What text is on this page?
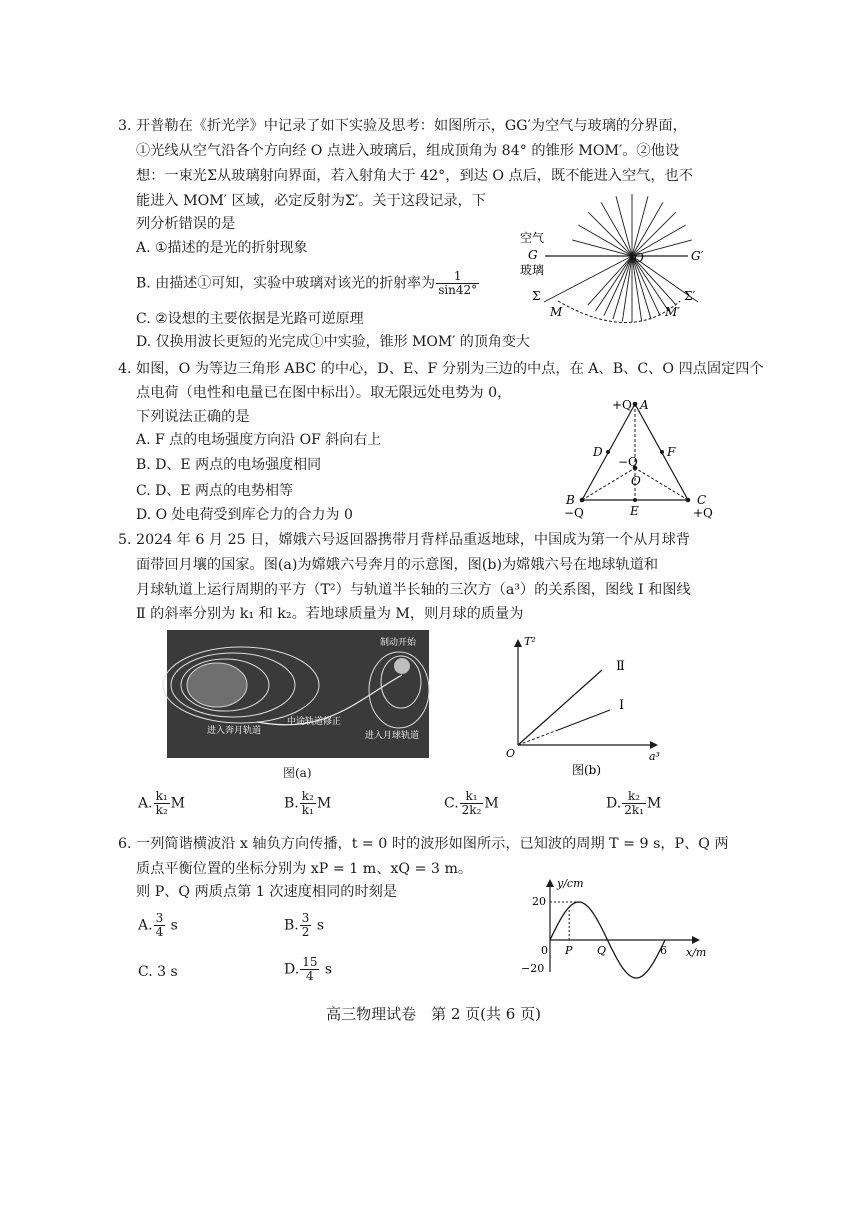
3. 开普勒在《折光学》中记录了如下实验及思考：如图所示，GG′为空气与玻璃的分界面，
①光线从空气沿各个方向经 O 点进入玻璃后，组成顶角为 84° 的锥形 MOM′。②他设
想：一束光Σ从玻璃射向界面，若入射角大于 42°，到达 O 点后，既不能进入空气，也不
能进入 MOM′ 区域，必定反射为Σ′。关于这段记录，下
列分析错误的是
A. ①描述的是光的折射现象
B. 由描述①可知，实验中玻璃对该光的折射率为 $\frac{1}{\sin 42^\circ}$
C. ②设想的主要依据是光路可逆原理
D. 仅换用波长更短的光完成①中实验，锥形 MOM′ 的顶角变大
空气
G
玻璃
O	G′
Σ
M	M′
Σ′
4. 如图，O 为等边三角形 ABC 的中心，D、E、F 分别为三边的中点，在 A、B、C、O 四点固定四个
点电荷（电性和电量已在图中标出）。取无限远处电势为 0，
下列说法正确的是
A. F 点的电场强度方向沿 OF 斜向右上
B. D、E 两点的电场强度相同
C. D、E 两点的电势相等
D. O 处电荷受到库仑力的合力为 0
+Q A
D	F
−Q
O
B	C
E
−Q	+Q
5. 2024 年 6 月 25 日，嫦娥六号返回器携带月背样品重返地球，中国成为第一个从月球背
面带回月壤的国家。图(a)为嫦娥六号奔月的示意图，图(b)为嫦娥六号在地球轨道和
月球轨道上运行周期的平方（T²）与轨道半长轴的三次方（a³）的关系图，图线 Ⅰ 和图线
Ⅱ 的斜率分别为 k₁ 和 k₂。若地球质量为 M，则月球的质量为
制动开始
进入奔月轨道
中途轨道修正
进入月球轨道
图(a)
T²
a³
O
Ⅱ
Ⅰ
图(b)
A. $\frac{\text{k₁}}{\text{k₂}}$ M	B. $\frac{\text{k₂}}{\text{k₁}}$ M	C. $\frac{\text{k₁}}{\text{2k₂}}$ M	D. $\frac{\text{k₂}}{\text{2k₁}}$ M
6. 一列简谐横波沿 x 轴负方向传播，t = 0 时的波形如图所示，已知波的周期 T = 9 s，P、Q 两
质点平衡位置的坐标分别为 xP = 1 m、xQ = 3 m。
则 P、Q 两质点第 1 次速度相同的时刻是
A. $\frac{3}{4}$ s	B. $\frac{3}{2}$ s
C. 3 s	D. $\frac{15}{4}$ s
y/cm
x/m
20
−20
0 P Q	6
高三物理试卷　第 2 页(共 6 页)
